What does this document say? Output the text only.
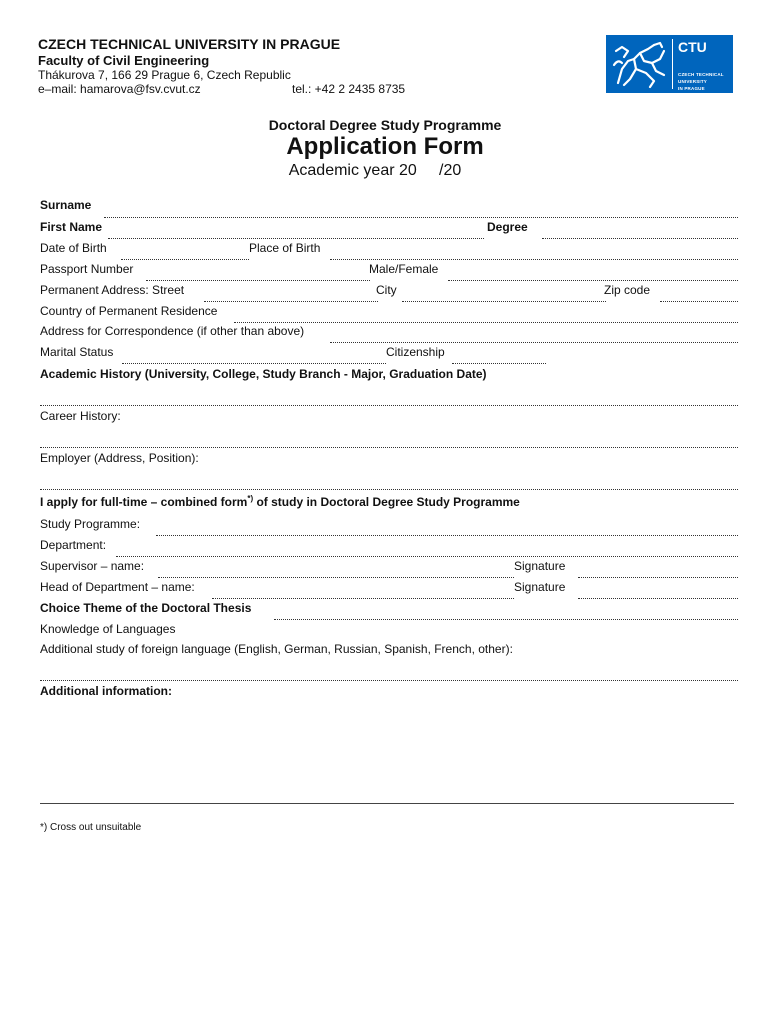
CZECH TECHNICAL UNIVERSITY IN PRAGUE
Faculty of Civil Engineering
Thákurova 7, 166 29 Prague 6, Czech Republic
e–mail: hamarova@fsv.cvut.cz	tel.: +42 2 2435 8735
CTU
CZECH TECHNICAL
UNIVERSITY
IN PRAGUE
Doctoral Degree Study Programme
Application Form
Academic year 20     /20
Surname
First Name	Degree
Date of Birth	Place of Birth
Passport Number	Male/Female
Permanent Address: Street	City	Zip code
Country of Permanent Residence
Address for Correspondence (if other than above)
Marital Status	Citizenship
Academic History (University, College, Study Branch - Major, Graduation Date)
Career History:
Employer (Address, Position):
I apply for full-time – combined form*) of study in Doctoral Degree Study Programme
Study Programme:
Department:
Supervisor – name:	Signature
Head of Department – name:	Signature
Choice Theme of the Doctoral Thesis
Knowledge of Languages
Additional study of foreign language (English, German, Russian, Spanish, French, other):
Additional information:
*) Cross out unsuitable
